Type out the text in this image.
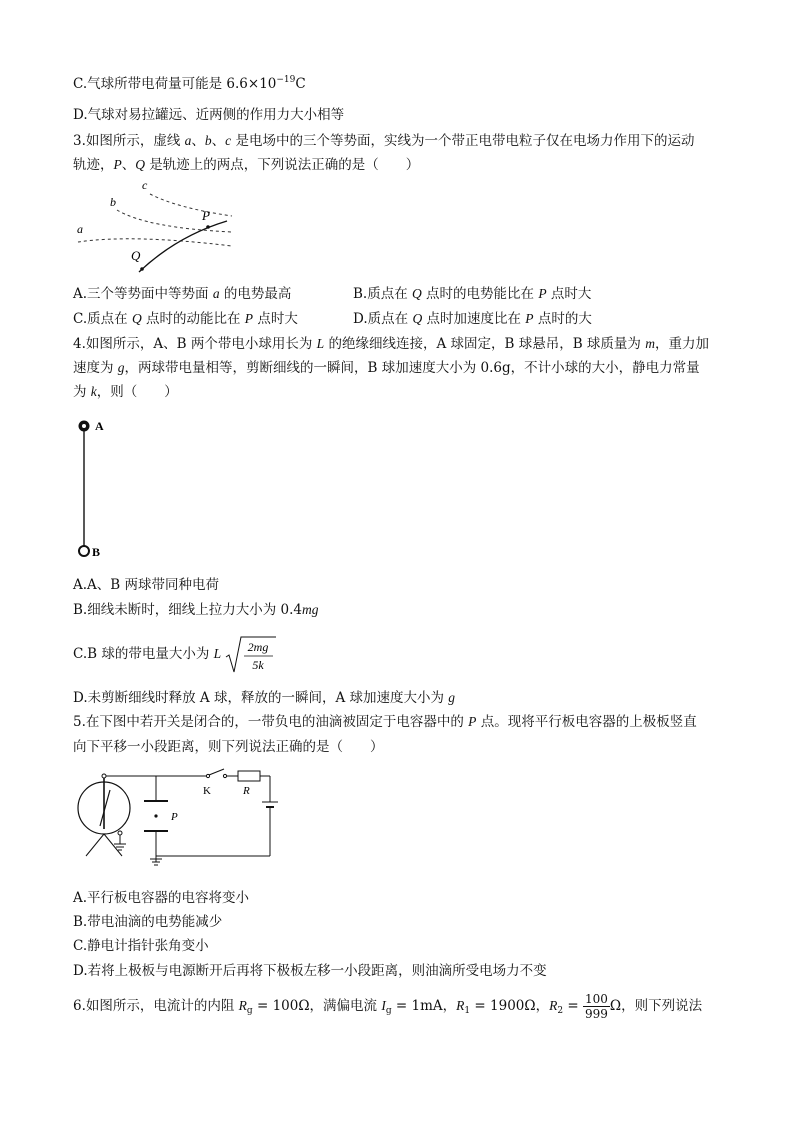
C.气球所带电荷量可能是 $6.6\times 10^{-19}C$
D.气球对易拉罐远、近两侧的作用力大小相等
3.如图所示，虚线 a、b、c 是电场中的三个等势面，实线为一个带正电带电粒子仅在电场力作用下的运动
轨迹，P、Q 是轨迹上的两点，下列说法正确的是（　　）
a
b
c
P
Q
A.三个等势面中等势面 a 的电势最高	B.质点在 Q 点时的电势能比在 P 点时大
C.质点在 Q 点时的动能比在 P 点时大	D.质点在 Q 点时加速度比在 P 点时的大
4.如图所示，A、B 两个带电小球用长为 L 的绝缘细线连接，A 球固定，B 球悬吊，B 球质量为 m，重力加
速度为 g，两球带电量相等，剪断细线的一瞬间，B 球加速度大小为 0.6g，不计小球的大小，静电力常量
为 k，则（　　）
A
B
A.A、B 两球带同种电荷
B.细线未断时，细线上拉力大小为 0.4mg
C.B 球的带电量大小为 L 2mg
5k
D.未剪断细线时释放 A 球，释放的一瞬间，A 球加速度大小为 g
5.在下图中若开关是闭合的，一带负电的油滴被固定于电容器中的 P 点。现将平行板电容器的上极板竖直
向下平移一小段距离，则下列说法正确的是（　　）
P
K	R
A.平行板电容器的电容将变小
B.带电油滴的电势能减少
C.静电计指针张角变小
D.若将上极板与电源断开后再将下极板左移一小段距离，则油滴所受电场力不变
6.如图所示，电流计的内阻 $R_g = 100\Omega$，满偏电流 $I_g = 1mA$，$R_1 = 1900\Omega$，$R_2 = \frac{100}{999}$ Ω，则下列说法
